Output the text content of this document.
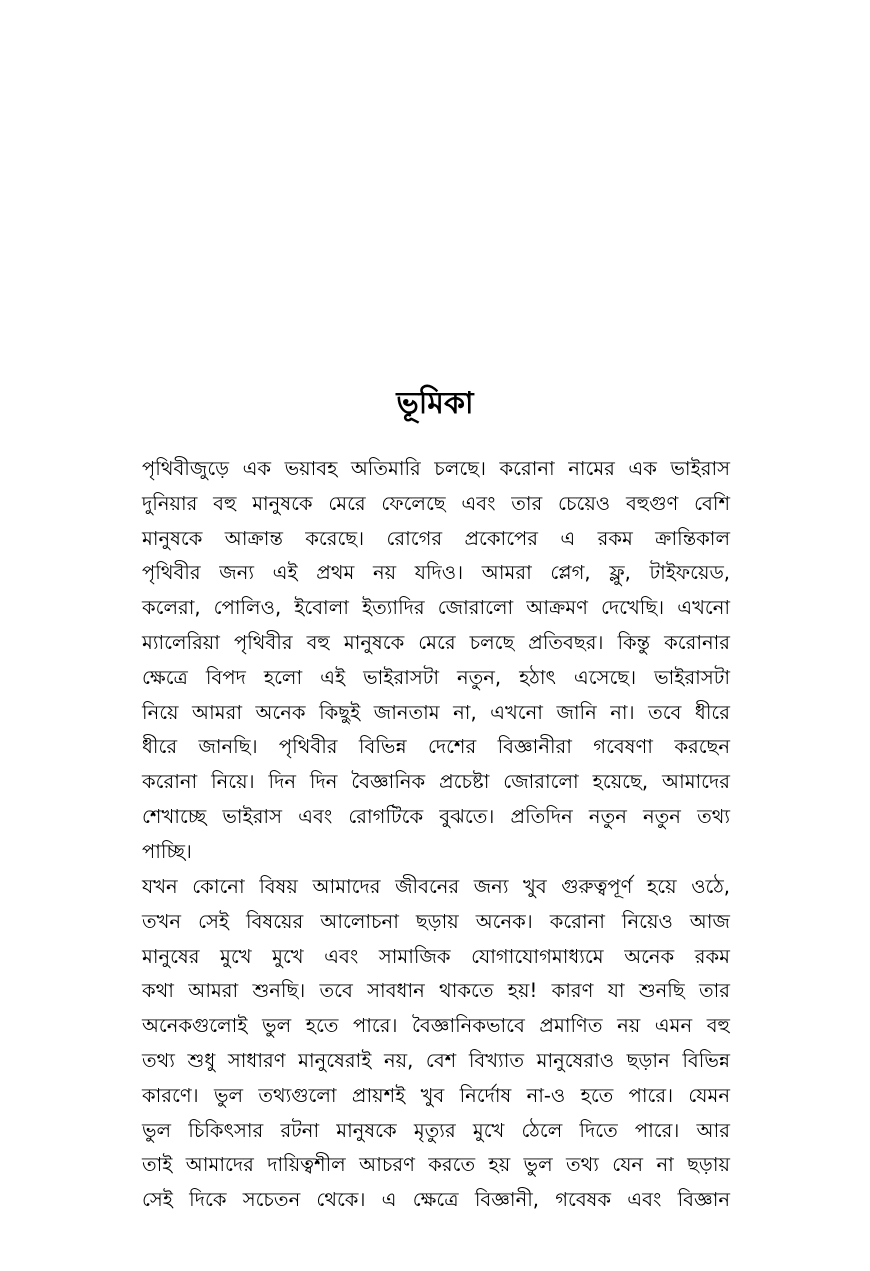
ভূমিকা
পৃথিবীজুড়ে এক ভয়াবহ অতিমারি চলছে। করোনা নামের এক ভাইরাস
দুনিয়ার বহু মানুষকে মেরে ফেলেছে এবং তার চেয়েও বহুগুণ বেশি
মানুষকে আক্রান্ত করেছে। রোগের প্রকোপের এ রকম ক্রান্তিকাল
পৃথিবীর জন্য এই প্রথম নয় যদিও। আমরা প্লেগ, ফ্লু, টাইফয়েড,
কলেরা, পোলিও, ইবোলা ইত্যাদির জোরালো আক্রমণ দেখেছি। এখনো
ম্যালেরিয়া পৃথিবীর বহু মানুষকে মেরে চলছে প্রতিবছর। কিন্তু করোনার
ক্ষেত্রে বিপদ হলো এই ভাইরাসটা নতুন, হঠাৎ এসেছে। ভাইরাসটা
নিয়ে আমরা অনেক কিছুই জানতাম না, এখনো জানি না। তবে ধীরে
ধীরে জানছি। পৃথিবীর বিভিন্ন দেশের বিজ্ঞানীরা গবেষণা করছেন
করোনা নিয়ে। দিন দিন বৈজ্ঞানিক প্রচেষ্টা জোরালো হয়েছে, আমাদের
শেখাচ্ছে ভাইরাস এবং রোগটিকে বুঝতে। প্রতিদিন নতুন নতুন তথ্য
পাচ্ছি।
যখন কোনো বিষয় আমাদের জীবনের জন্য খুব গুরুত্বপূর্ণ হয়ে ওঠে,
তখন সেই বিষয়ের আলোচনা ছড়ায় অনেক। করোনা নিয়েও আজ
মানুষের মুখে মুখে এবং সামাজিক যোগাযোগমাধ্যমে অনেক রকম
কথা আমরা শুনছি। তবে সাবধান থাকতে হয়! কারণ যা শুনছি তার
অনেকগুলোই ভুল হতে পারে। বৈজ্ঞানিকভাবে প্রমাণিত নয় এমন বহু
তথ্য শুধু সাধারণ মানুষেরাই নয়, বেশ বিখ্যাত মানুষেরাও ছড়ান বিভিন্ন
কারণে। ভুল তথ্যগুলো প্রায়শই খুব নির্দোষ না-ও হতে পারে। যেমন
ভুল চিকিৎসার রটনা মানুষকে মৃত্যুর মুখে ঠেলে দিতে পারে। আর
তাই আমাদের দায়িত্বশীল আচরণ করতে হয় ভুল তথ্য যেন না ছড়ায়
সেই দিকে সচেতন থেকে। এ ক্ষেত্রে বিজ্ঞানী, গবেষক এবং বিজ্ঞান
